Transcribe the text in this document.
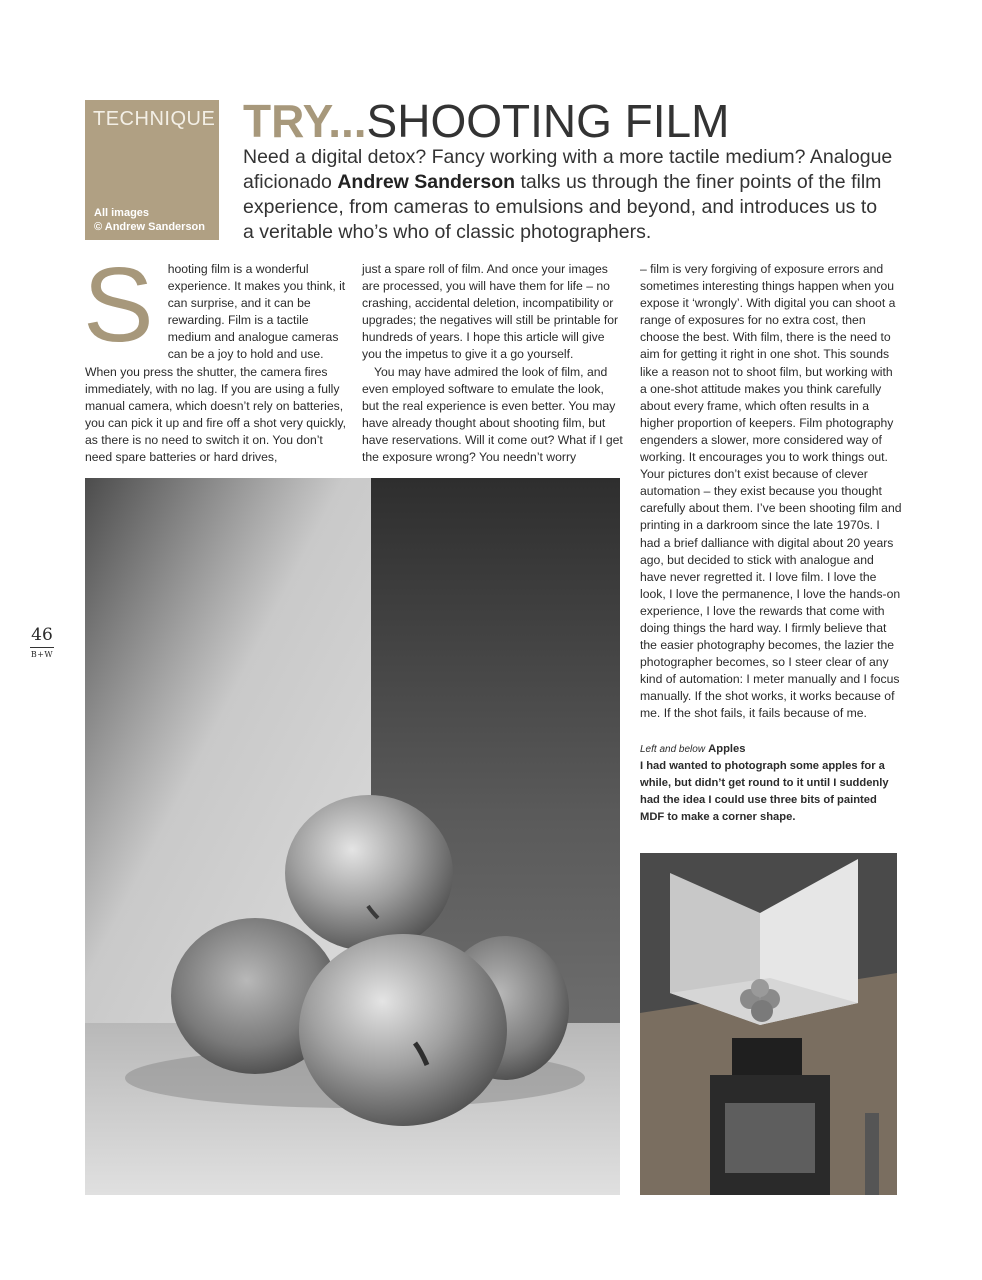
TECHNIQUE
All images
© Andrew Sanderson
TRY...SHOOTING FILM
Need a digital detox? Fancy working with a more tactile medium? Analogue aficionado Andrew Sanderson talks us through the finer points of the film experience, from cameras to emulsions and beyond, and introduces us to a veritable who’s who of classic photographers.
S	hooting film is a wonderful experience. It makes you think, it can surprise, and it can be rewarding. Film is a tactile medium and analogue cameras can be a joy to hold and use. When you press the shutter, the camera fires immediately, with no lag. If you are using a fully manual camera, which doesn’t rely on batteries, you can pick it up and fire off a shot very quickly, as there is no need to switch it on. You don’t need spare batteries or hard drives,

just a spare roll of film. And once your images are processed, you will have them for life – no crashing, accidental deletion, incompatibility or upgrades; the negatives will still be printable for hundreds of years. I hope this article will give you the impetus to give it a go yourself.

You may have admired the look of film, and even employed software to emulate the look, but the real experience is even better. You may have already thought about shooting film, but have reservations. Will it come out? What if I get the exposure wrong? You needn’t worry

– film is very forgiving of exposure errors and sometimes interesting things happen when you expose it ‘wrongly’. With digital you can shoot a range of exposures for no extra cost, then choose the best. With film, there is the need to aim for getting it right in one shot. This sounds like a reason not to shoot film, but working with a one-shot attitude makes you think carefully about every frame, which often results in a higher proportion of keepers. Film photography engenders a slower, more considered way of working. It encourages you to work things out. Your pictures don’t exist because of clever automation – they exist because you thought carefully about them. I’ve been shooting film and printing in a darkroom since the late 1970s. I had a brief dalliance with digital about 20 years ago, but decided to stick with analogue and have never regretted it. I love film. I love the look, I love the permanence, I love the hands-on experience, I love the rewards that come with doing things the hard way. I firmly believe that the easier photography becomes, the lazier the photographer becomes, so I steer clear of any kind of automation: I meter manually and I focus manually. If the shot works, it works because of me. If the shot fails, it fails because of me.

Left and below Apples
I had wanted to photograph some apples for a while, but didn’t get round to it until I suddenly had the idea I could use three bits of painted MDF to make a corner shape.
46
B+W
